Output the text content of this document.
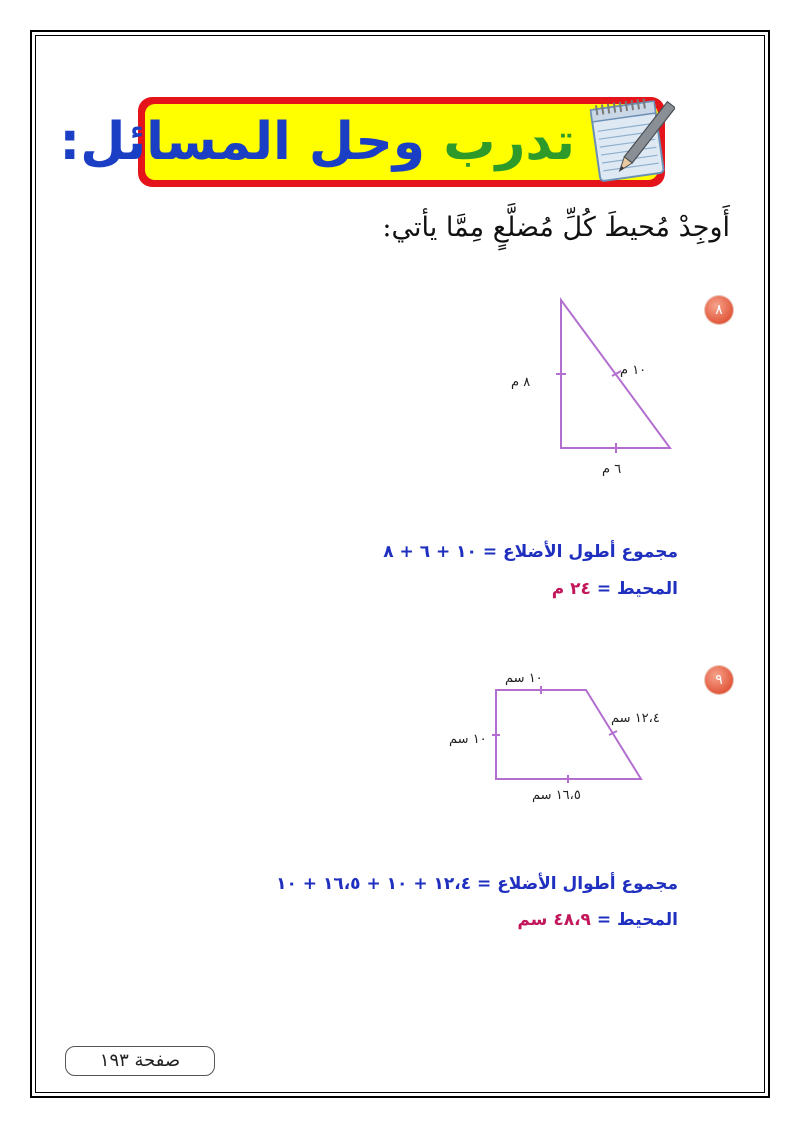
تدرب وحل المسائل:
أَوجِدْ مُحيطَ كُلِّ مُضلَّعٍ مِمَّا يأتي:
٨
٨ م
١٠ م
٦ م
مجموع أطول الأضلاع = ١٠ + ٦ + ٨
المحيط = ٢٤ م
٩
١٠ سم
١٢،٤ سم
١٠ سم
١٦،٥ سم
مجموع أطوال الأضلاع = ١٢،٤ + ١٠ + ١٦،٥ + ١٠
المحيط = ٤٨،٩ سم
صفحة ١٩٣
